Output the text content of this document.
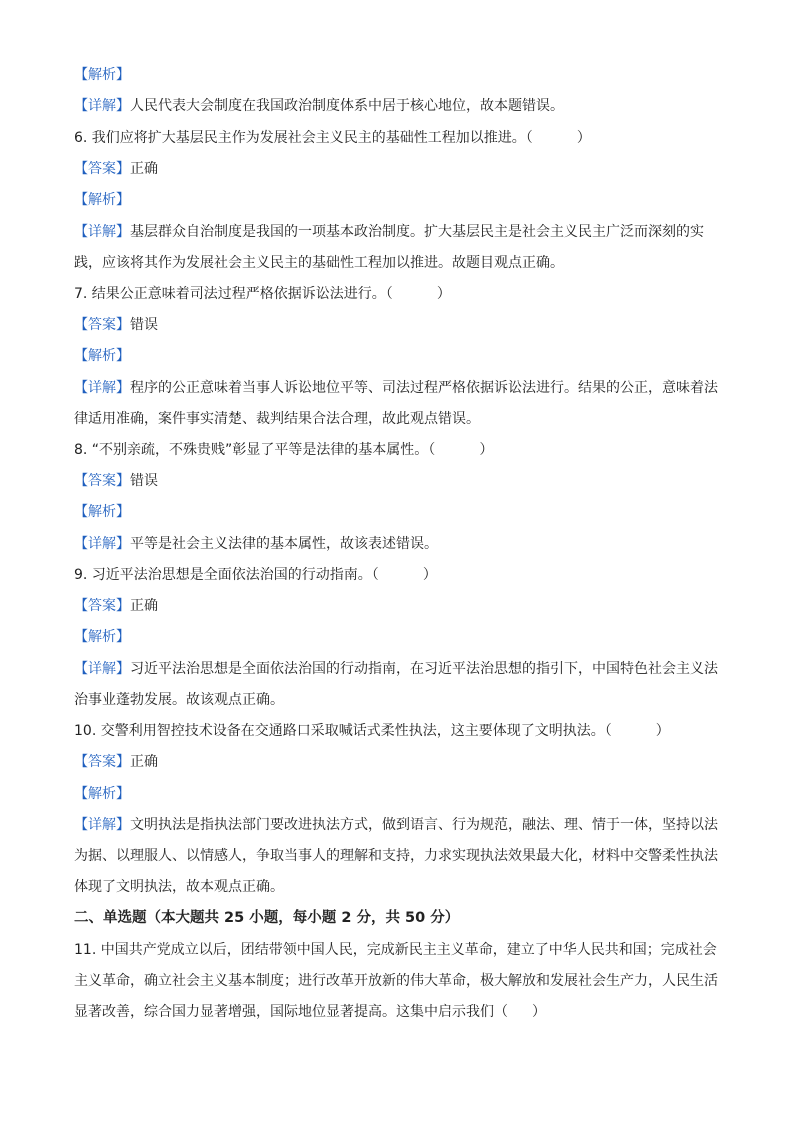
【解析】
【详解】人民代表大会制度在我国政治制度体系中居于核心地位，故本题错误。
6. 我们应将扩大基层民主作为发展社会主义民主的基础性工程加以推进。（	）
【答案】正确
【解析】
【详解】基层群众自治制度是我国的一项基本政治制度。扩大基层民主是社会主义民主广泛而深刻的实
践，应该将其作为发展社会主义民主的基础性工程加以推进。故题目观点正确。
7. 结果公正意味着司法过程严格依据诉讼法进行。（	）
【答案】错误
【解析】
【详解】程序的公正意味着当事人诉讼地位平等、司法过程严格依据诉讼法进行。结果的公正，意味着法
律适用准确，案件事实清楚、裁判结果合法合理，故此观点错误。
8. “不别亲疏，不殊贵贱”彰显了平等是法律的基本属性。（	）
【答案】错误
【解析】
【详解】平等是社会主义法律的基本属性，故该表述错误。
9. 习近平法治思想是全面依法治国的行动指南。（	）
【答案】正确
【解析】
【详解】习近平法治思想是全面依法治国的行动指南，在习近平法治思想的指引下，中国特色社会主义法
治事业蓬勃发展。故该观点正确。
10. 交警利用智控技术设备在交通路口采取喊话式柔性执法，这主要体现了文明执法。（	）
【答案】正确
【解析】
【详解】文明执法是指执法部门要改进执法方式，做到语言、行为规范，融法、理、情于一体，坚持以法
为据、以理服人、以情感人，争取当事人的理解和支持，力求实现执法效果最大化，材料中交警柔性执法
体现了文明执法，故本观点正确。
二、单选题（本大题共 25 小题，每小题 2 分，共 50 分）
11. 中国共产党成立以后，团结带领中国人民，完成新民主主义革命，建立了中华人民共和国；完成社会
主义革命，确立社会主义基本制度；进行改革开放新的伟大革命，极大解放和发展社会生产力，人民生活
显著改善，综合国力显著增强，国际地位显著提高。这集中启示我们（ ）
